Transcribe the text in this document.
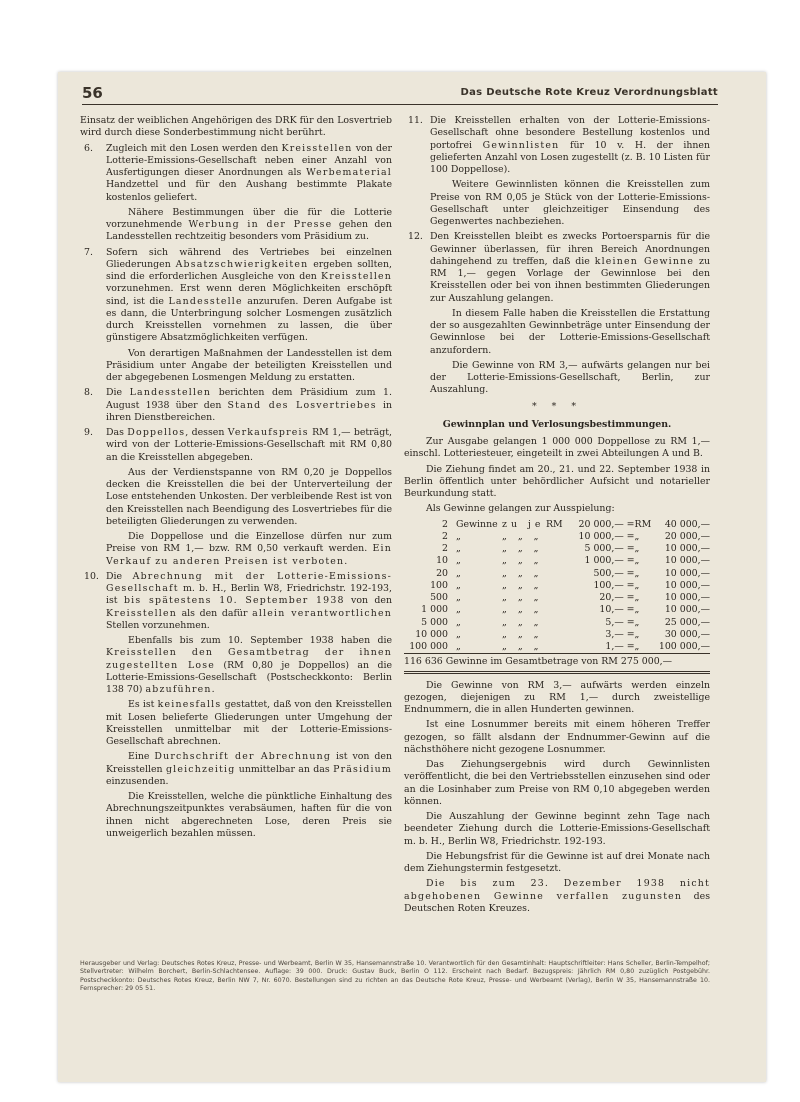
56	Das Deutsche Rote Kreuz Verordnungsblatt

Einsatz der weiblichen Angehörigen des DRK für den Losvertrieb wird durch diese Sonderbestimmung nicht berührt.

6. Zugleich mit den Losen werden den Kreisstellen von der Lotterie-Emissions-Gesellschaft neben einer Anzahl von Ausfertigungen dieser Anordnungen als Werbematerial Handzettel und für den Aushang bestimmte Plakate kostenlos geliefert.

Nähere Bestimmungen über die für die Lotterie vorzunehmende Werbung in der Presse gehen den Landesstellen rechtzeitig besonders vom Präsidium zu.

7. Sofern sich während des Vertriebes bei einzelnen Gliederungen Absatzschwierigkeiten ergeben sollten, sind die erforderlichen Ausgleiche von den Kreisstellen vorzunehmen. Erst wenn deren Möglichkeiten erschöpft sind, ist die Landesstelle anzurufen. Deren Aufgabe ist es dann, die Unterbringung solcher Losmengen zusätzlich durch Kreisstellen vornehmen zu lassen, die über günstigere Absatzmöglichkeiten verfügen.

Von derartigen Maßnahmen der Landesstellen ist dem Präsidium unter Angabe der beteiligten Kreisstellen und der abgegebenen Losmengen Meldung zu erstatten.

8. Die Landesstellen berichten dem Präsidium zum 1. August 1938 über den Stand des Losvertriebes in ihren Dienstbereichen.

9. Das Doppellos, dessen Verkaufspreis RM 1,— beträgt, wird von der Lotterie-Emissions-Gesellschaft mit RM 0,80 an die Kreisstellen abgegeben.

Aus der Verdienstspanne von RM 0,20 je Doppellos decken die Kreisstellen die bei der Unterverteilung der Lose entstehenden Unkosten. Der verbleibende Rest ist von den Kreisstellen nach Beendigung des Losvertriebes für die beteiligten Gliederungen zu verwenden.

Die Doppellose und die Einzellose dürfen nur zum Preise von RM 1,— bzw. RM 0,50 verkauft werden. Ein Verkauf zu anderen Preisen ist verboten.

10. Die Abrechnung mit der Lotterie-Emissions-Gesellschaft m. b. H., Berlin W8, Friedrichstr. 192-193, ist bis spätestens 10. September 1938 von den Kreisstellen als den dafür allein verantwortlichen Stellen vorzunehmen.

Ebenfalls bis zum 10. September 1938 haben die Kreisstellen den Gesamtbetrag der ihnen zugestellten Lose (RM 0,80 je Doppellos) an die Lotterie-Emissions-Gesellschaft (Postscheckkonto: Berlin 138 70) abzuführen.

Es ist keinesfalls gestattet, daß von den Kreisstellen mit Losen belieferte Gliederungen unter Umgehung der Kreisstellen unmittelbar mit der Lotterie-Emissions-Gesellschaft abrechnen.

Eine Durchschrift der Abrechnung ist von den Kreisstellen gleichzeitig unmittelbar an das Präsidium einzusenden.

Die Kreisstellen, welche die pünktliche Einhaltung des Abrechnungszeitpunktes verabsäumen, haften für die von ihnen nicht abgerechneten Lose, deren Preis sie unweigerlich bezahlen müssen.

11. Die Kreisstellen erhalten von der Lotterie-Emissions-Gesellschaft ohne besondere Bestellung kostenlos und portofrei Gewinnlisten für 10 v. H. der ihnen gelieferten Anzahl von Losen zugestellt (z. B. 10 Listen für 100 Doppellose).

Weitere Gewinnlisten können die Kreisstellen zum Preise von RM 0,05 je Stück von der Lotterie-Emissions-Gesellschaft unter gleichzeitiger Einsendung des Gegenwertes nachbeziehen.

12. Den Kreisstellen bleibt es zwecks Portoersparnis für die Gewinner überlassen, für ihren Bereich Anordnungen dahingehend zu treffen, daß die kleinen Gewinne zu RM 1,— gegen Vorlage der Gewinnlose bei den Kreisstellen oder bei von ihnen bestimmten Gliederungen zur Auszahlung gelangen.

In diesem Falle haben die Kreisstellen die Erstattung der so ausgezahlten Gewinnbeträge unter Einsendung der Gewinnlose bei der Lotterie-Emissions-Gesellschaft anzufordern.

Die Gewinne von RM 3,— aufwärts gelangen nur bei der Lotterie-Emissions-Gesellschaft, Berlin, zur Auszahlung.

* * *
Gewinnplan und Verlosungsbestimmungen.

Zur Ausgabe gelangen 1 000 000 Doppellose zu RM 1,— einschl. Lotteriesteuer, eingeteilt in zwei Abteilungen A und B.

Die Ziehung findet am 20., 21. und 22. September 1938 in Berlin öffentlich unter behördlicher Aufsicht und notarieller Beurkundung statt.

Als Gewinne gelangen zur Ausspielung:

2	Gewinne	zu je	RM	20 000,— =	RM	40 000,—
2	„	„ „ „		10 000,— =	„	20 000,—
2	„	„ „ „		5 000,— =	„	10 000,—
10	„	„ „ „		1 000,— =	„	10 000,—
20	„	„ „ „		500,— =	„	10 000,—
100	„	„ „ „		100,— =	„	10 000,—
500	„	„ „ „		20,— =	„	10 000,—
1 000	„	„ „ „		10,— =	„	10 000,—
5 000	„	„ „ „		5,— =	„	25 000,—
10 000	„	„ „ „		3,— =	„	30 000,—
100 000	„	„ „ „		1,— =	„	100 000,—
116 636 Gewinne im Gesamtbetrage von RM 275 000,—						

Die Gewinne von RM 3,— aufwärts werden einzeln gezogen, diejenigen zu RM 1,— durch zweistellige Endnummern, die in allen Hunderten gewinnen.

Ist eine Losnummer bereits mit einem höheren Treffer gezogen, so fällt alsdann der Endnummer-Gewinn auf die nächsthöhere nicht gezogene Losnummer.

Das Ziehungsergebnis wird durch Gewinnlisten veröffentlicht, die bei den Vertriebsstellen einzusehen sind oder an die Losinhaber zum Preise von RM 0,10 abgegeben werden können.

Die Auszahlung der Gewinne beginnt zehn Tage nach beendeter Ziehung durch die Lotterie-Emissions-Gesellschaft m. b. H., Berlin W8, Friedrichstr. 192-193.

Die Hebungsfrist für die Gewinne ist auf drei Monate nach dem Ziehungstermin festgesetzt.

Die bis zum 23. Dezember 1938 nicht abgehobenen Gewinne verfallen zugunsten des Deutschen Roten Kreuzes.

Herausgeber und Verlag: Deutsches Rotes Kreuz, Presse- und Werbeamt, Berlin W 35, Hansemannstraße 10. Verantwortlich für den Gesamtinhalt: Hauptschriftleiter: Hans Scheller, Berlin-Tempelhof; Stellvertreter: Wilhelm Borchert, Berlin-Schlachtensee. Auflage: 39 000. Druck: Gustav Buck, Berlin O 112. Erscheint nach Bedarf. Bezugspreis: Jährlich RM 0,80 zuzüglich Postgebühr. Postscheckkonto: Deutsches Rotes Kreuz, Berlin NW 7, Nr. 6070. Bestellungen sind zu richten an das Deutsche Rote Kreuz, Presse- und Werbeamt (Verlag), Berlin W 35, Hansemannstraße 10. Fernsprecher: 29 05 51.
